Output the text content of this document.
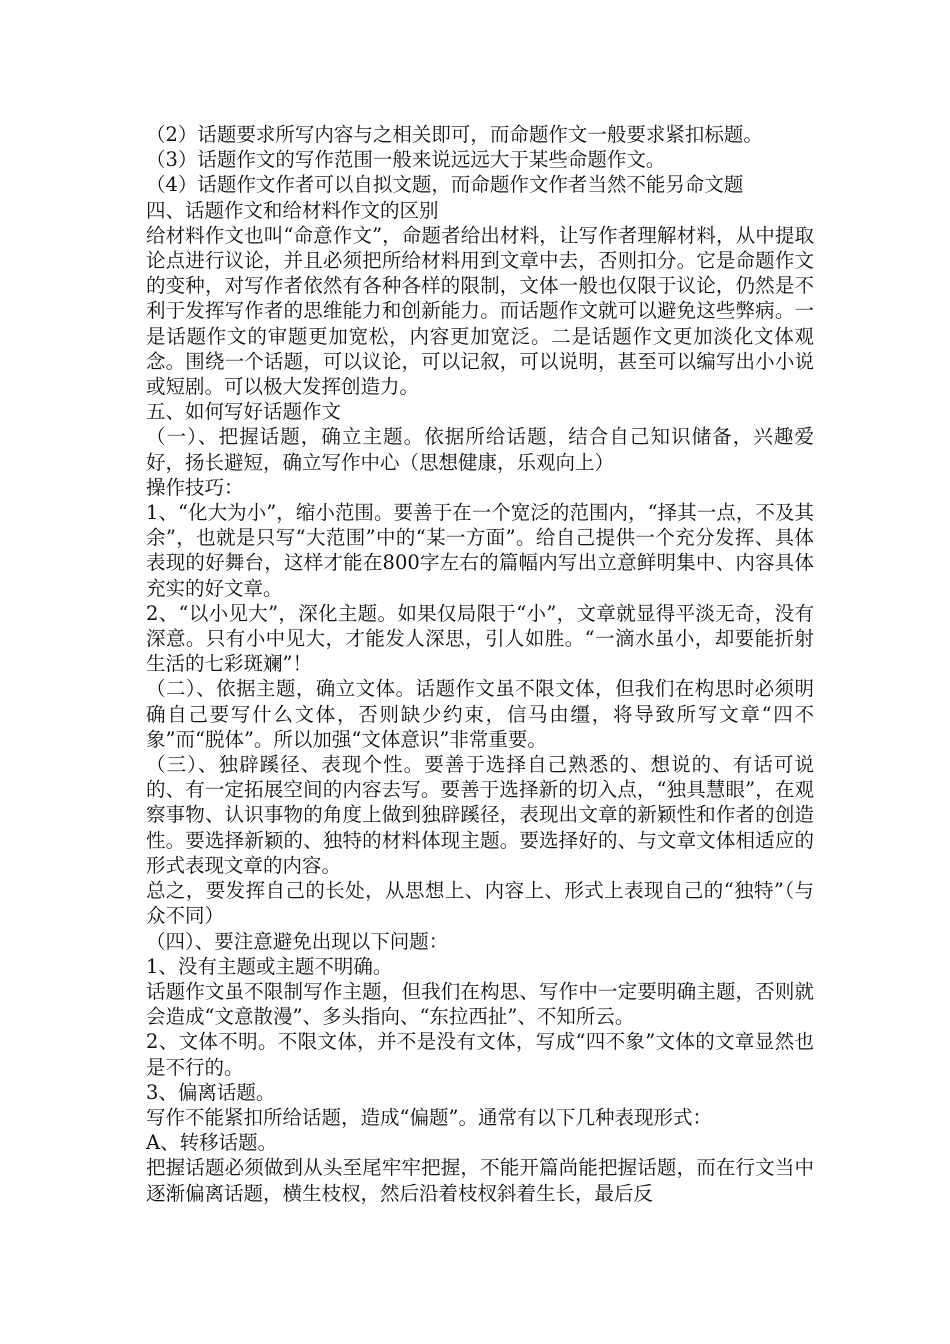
（2）话题要求所写内容与之相关即可，而命题作文一般要求紧扣标题。

（3）话题作文的写作范围一般来说远远大于某些命题作文。

（4）话题作文作者可以自拟文题，而命题作文作者当然不能另命文题

四、话题作文和给材料作文的区别

给材料作文也叫“命意作文”，命题者给出材料，让写作者理解材料，从中提取论点进行议论，并且必须把所给材料用到文章中去，否则扣分。它是命题作文的变种，对写作者依然有各种各样的限制，文体一般也仅限于议论，仍然是不利于发挥写作者的思维能力和创新能力。而话题作文就可以避免这些弊病。一是话题作文的审题更加宽松，内容更加宽泛。二是话题作文更加淡化文体观念。围绕一个话题，可以议论，可以记叙，可以说明，甚至可以编写出小小说或短剧。可以极大发挥创造力。

五、如何写好话题作文

（一）、把握话题，确立主题。依据所给话题，结合自己知识储备，兴趣爱好，扬长避短，确立写作中心（思想健康，乐观向上）

操作技巧：

1、“化大为小”，缩小范围。要善于在一个宽泛的范围内，“择其一点，不及其余”，也就是只写“大范围”中的“某一方面”。给自己提供一个充分发挥、具体表现的好舞台，这样才能在800字左右的篇幅内写出立意鲜明集中、内容具体充实的好文章。

2、“以小见大”，深化主题。如果仅局限于“小”，文章就显得平淡无奇，没有深意。只有小中见大，才能发人深思，引人如胜。“一滴水虽小，却要能折射生活的七彩斑斓”！

（二）、依据主题，确立文体。话题作文虽不限文体，但我们在构思时必须明确自己要写什么文体，否则缺少约束，信马由缰，将导致所写文章“四不象”而“脱体”。所以加强“文体意识”非常重要。

（三）、独辟蹊径、表现个性。要善于选择自己熟悉的、想说的、有话可说的、有一定拓展空间的内容去写。要善于选择新的切入点，“独具慧眼”，在观察事物、认识事物的角度上做到独辟蹊径，表现出文章的新颖性和作者的创造性。要选择新颖的、独特的材料体现主题。要选择好的、与文章文体相适应的形式表现文章的内容。

总之，要发挥自己的长处，从思想上、内容上、形式上表现自己的“独特”（与众不同）

（四）、要注意避免出现以下问题：

1、没有主题或主题不明确。

话题作文虽不限制写作主题，但我们在构思、写作中一定要明确主题，否则就会造成“文意散漫”、多头指向、“东拉西扯”、不知所云。

2、文体不明。不限文体，并不是没有文体，写成“四不象”文体的文章显然也是不行的。

3、偏离话题。

写作不能紧扣所给话题，造成“偏题”。通常有以下几种表现形式：

A、转移话题。

把握话题必须做到从头至尾牢牢把握，不能开篇尚能把握话题，而在行文当中逐渐偏离话题，横生枝杈，然后沿着枝杈斜着生长，最后反
